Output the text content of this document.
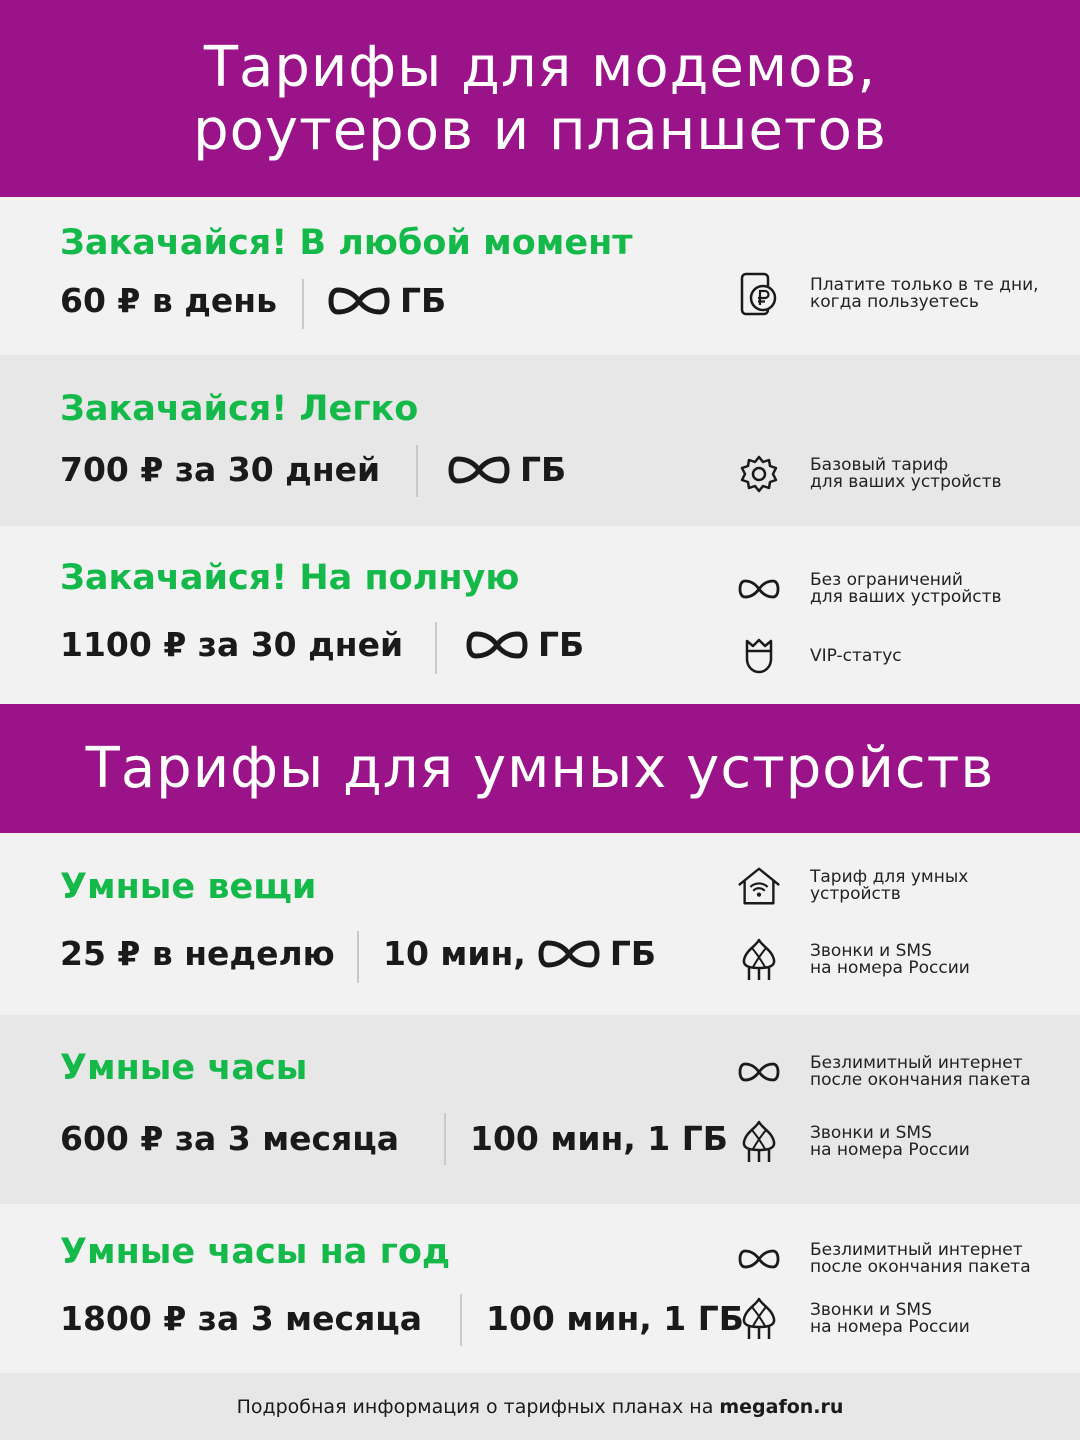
Тарифы для модемов,
роутеров и планшетов
Закачайся! В любой момент
60 ₽ в день	ГБ	Платите только в те дни,
когда пользуетесь
Закачайся! Легко
700 ₽ за 30 дней	ГБ	Базовый тариф
для ваших устройств
Закачайся! На полную
1100 ₽ за 30 дней	ГБ
Без ограничений
для ваших устройств
VIP-статус
Тарифы для умных устройств
Умные вещи
25 ₽ в неделю 10 мин,	ГБ
Тариф для умных
устройств
Звонки и SMS
на номера России
Умные часы
600 ₽ за 3 месяца 100 мин, 1 ГБ
Безлимитный интернет
после окончания пакета
Звонки и SMS
на номера России
Умные часы на год
1800 ₽ за 3 месяца 100 мин, 1 ГБ
Безлимитный интернет
после окончания пакета
Звонки и SMS
на номера России
Подробная информация о тарифных планах на megafon.ru
